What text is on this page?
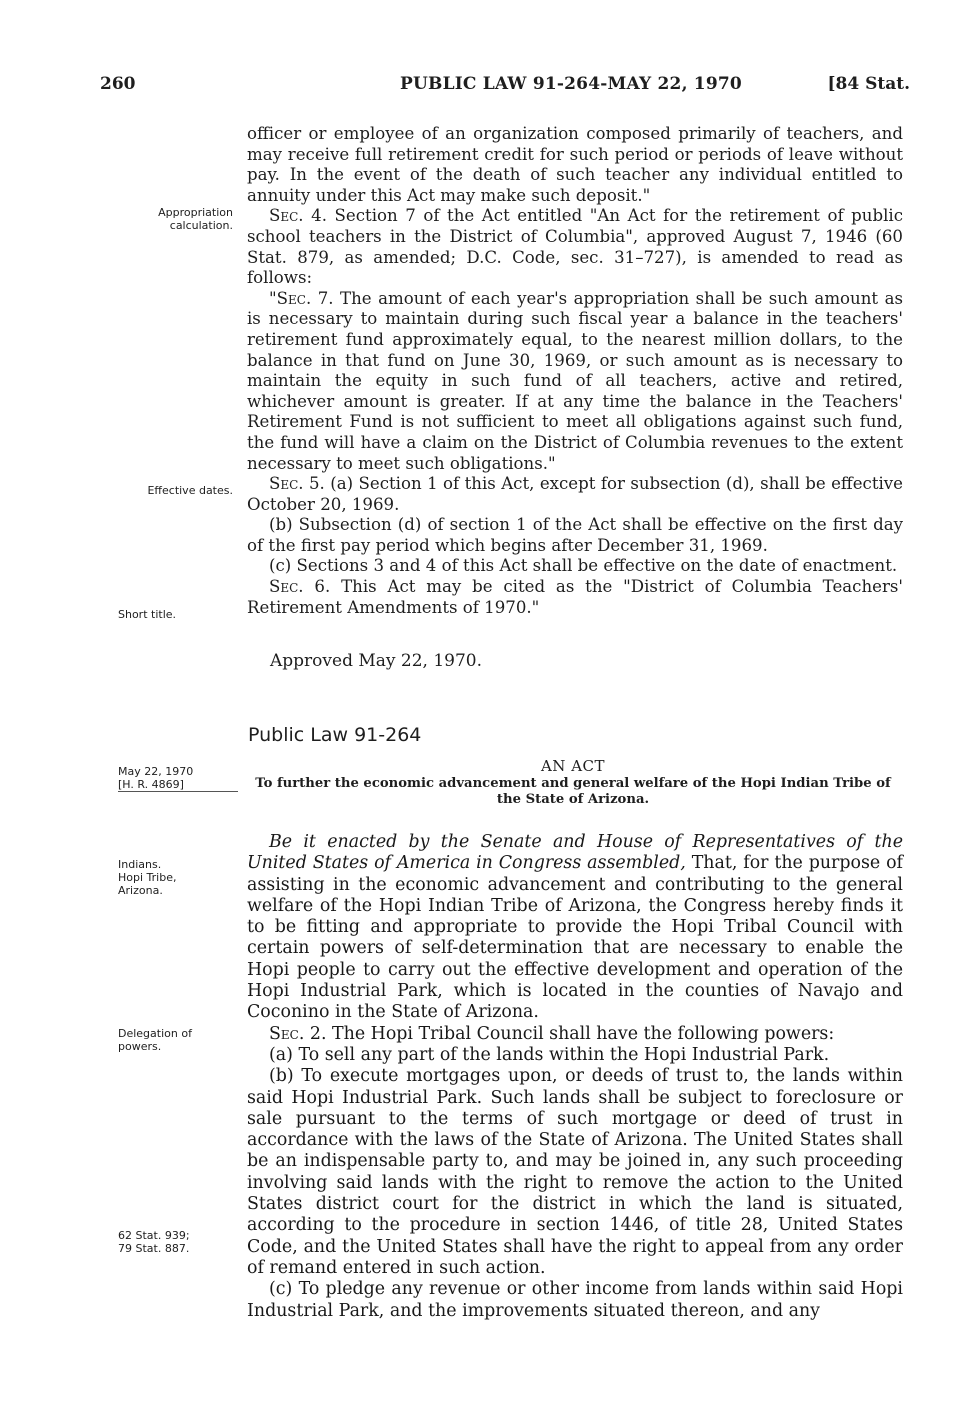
260	PUBLIC LAW 91-264-MAY 22, 1970	[84 Stat.
Appropriation calculation.
Effective dates.
Short title.
May 22, 1970
[H. R. 4869]
Indians.
Hopi Tribe,
Arizona.
Delegation of powers.
62 Stat. 939;
79 Stat. 887.

officer or employee of an organization composed primarily of teachers, and may receive full retirement credit for such period or periods of leave without pay. In the event of the death of such teacher any individual entitled to annuity under this Act may make such deposit."

Sec. 4. Section 7 of the Act entitled "An Act for the retirement of public school teachers in the District of Columbia", approved August 7, 1946 (60 Stat. 879, as amended; D.C. Code, sec. 31–727), is amended to read as follows:

"Sec. 7. The amount of each year's appropriation shall be such amount as is necessary to maintain during such fiscal year a balance in the teachers' retirement fund approximately equal, to the nearest million dollars, to the balance in that fund on June 30, 1969, or such amount as is necessary to maintain the equity in such fund of all teachers, active and retired, whichever amount is greater. If at any time the balance in the Teachers' Retirement Fund is not sufficient to meet all obligations against such fund, the fund will have a claim on the District of Columbia revenues to the extent necessary to meet such obligations."

Sec. 5. (a) Section 1 of this Act, except for subsection (d), shall be effective October 20, 1969.

(b) Subsection (d) of section 1 of the Act shall be effective on the first day of the first pay period which begins after December 31, 1969.

(c) Sections 3 and 4 of this Act shall be effective on the date of enactment.

Sec. 6. This Act may be cited as the "District of Columbia Teachers' Retirement Amendments of 1970."

Approved May 22, 1970.
Public Law 91-264
AN ACT
To further the economic advancement and general welfare of the Hopi Indian Tribe of the State of Arizona.

Be it enacted by the Senate and House of Representatives of the United States of America in Congress assembled, That, for the purpose of assisting in the economic advancement and contributing to the general welfare of the Hopi Indian Tribe of Arizona, the Congress hereby finds it to be fitting and appropriate to provide the Hopi Tribal Council with certain powers of self-determination that are necessary to enable the Hopi people to carry out the effective development and operation of the Hopi Industrial Park, which is located in the counties of Navajo and Coconino in the State of Arizona.

Sec. 2. The Hopi Tribal Council shall have the following powers:

(a) To sell any part of the lands within the Hopi Industrial Park.

(b) To execute mortgages upon, or deeds of trust to, the lands within said Hopi Industrial Park. Such lands shall be subject to foreclosure or sale pursuant to the terms of such mortgage or deed of trust in accordance with the laws of the State of Arizona. The United States shall be an indispensable party to, and may be joined in, any such proceeding involving said lands with the right to remove the action to the United States district court for the district in which the land is situated, according to the procedure in section 1446, of title 28, United States Code, and the United States shall have the right to appeal from any order of remand entered in such action.

(c) To pledge any revenue or other income from lands within said Hopi Industrial Park, and the improvements situated thereon, and any
